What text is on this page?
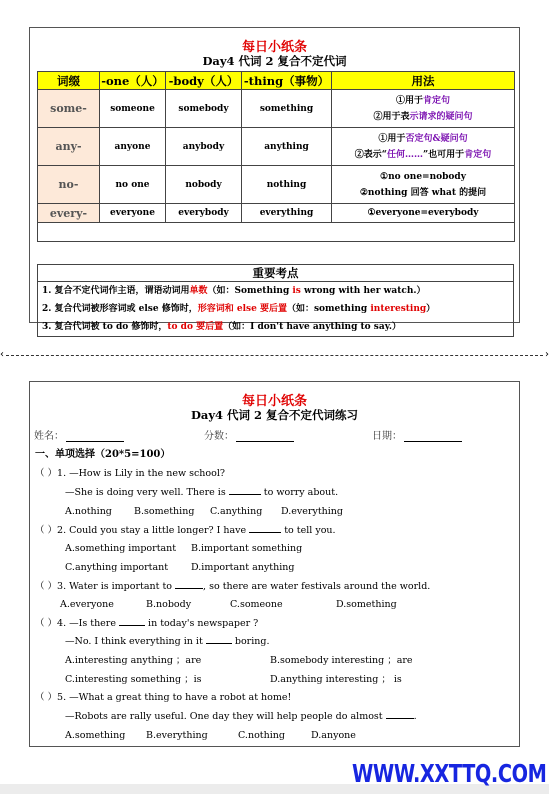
每日小纸条
Day4 代词 2 复合不定代词
词缀	-one（人）	-body（人）	-thing（事物）	用法
some-	someone	somebody	something	①用于肯定句
②用于表示请求的疑问句

any-	anyone	anybody	anything	①用于否定句&疑问句
②表示“任何……”也可用于肯定句

no-	no one	nobody	nothing	①no one=nobody
②nothing 回答 what 的提问

every-	everyone	everybody	everything	①everyone=everybody

重要考点
1. 复合不定代词作主语，谓语动词用单数（如：Something is wrong with her watch.）
2. 复合代词被形容词或 else 修饰时，形容词和 else 要后置（如：something interesting）
3. 复合代词被 to do 修饰时，to do 要后置（如：I don't have anything to say.）
‹	›
每日小纸条
Day4 代词 2 复合不定代词练习
姓名：	分数：	日期：
一、单项选择（20*5=100）
（ ）1. —How is Lily in the new school?
—She is doing very well. There is	to worry about.
A.nothing B.something C.anything D.everything
（ ）2. Could you stay a little longer? I have	to tell you.
A.something important B.important something
C.anything important D.important anything
（ ）3. Water is important to	, so there are water festivals around the world.
A.everyone	B.nobody	C.someone	D.something
（ ）4. —Is there	in today's newspaper ?
—No. I think everything in it	boring.
A.interesting anything ；are	B.somebody interesting ；are
C.interesting something ；is	D.anything interesting ； is
（ ）5. —What a great thing to have a robot at home!
—Robots are rally useful. One day they will help people do almost	.
A.something B.everything	C.nothing	D.anyone
WWW.XXTTQ.COM
